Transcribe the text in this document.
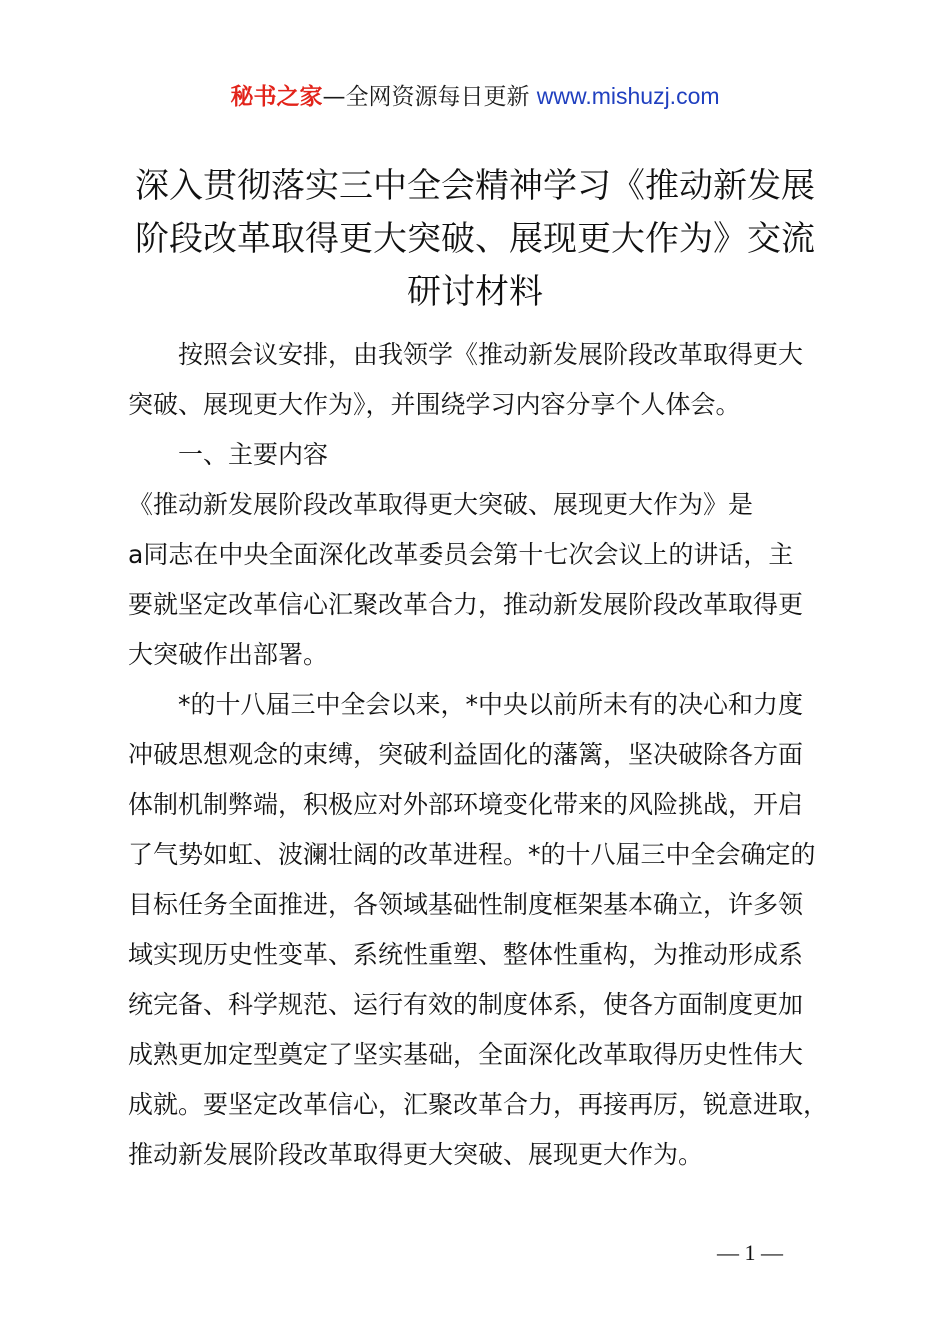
秘书之家—全网资源每日更新 www.mishuzj.com
深入贯彻落实三中全会精神学习《推动新发展
阶段改革取得更大突破、展现更大作为》交流
研讨材料

按照会议安排，由我领学《推动新发展阶段改革取得更大
突破、展现更大作为》，并围绕学习内容分享个人体会。

一、主要内容

《推动新发展阶段改革取得更大突破、展现更大作为》是
a同志在中央全面深化改革委员会第十七次会议上的讲话，主
要就坚定改革信心汇聚改革合力，推动新发展阶段改革取得更
大突破作出部署。

*的十八届三中全会以来，*中央以前所未有的决心和力度
冲破思想观念的束缚，突破利益固化的藩篱，坚决破除各方面
体制机制弊端，积极应对外部环境变化带来的风险挑战，开启
了气势如虹、波澜壮阔的改革进程。*的十八届三中全会确定的
目标任务全面推进，各领域基础性制度框架基本确立，许多领
域实现历史性变革、系统性重塑、整体性重构，为推动形成系
统完备、科学规范、运行有效的制度体系，使各方面制度更加
成熟更加定型奠定了坚实基础，全面深化改革取得历史性伟大
成就。要坚定改革信心，汇聚改革合力，再接再厉，锐意进取，
推动新发展阶段改革取得更大突破、展现更大作为。

— 1 —
